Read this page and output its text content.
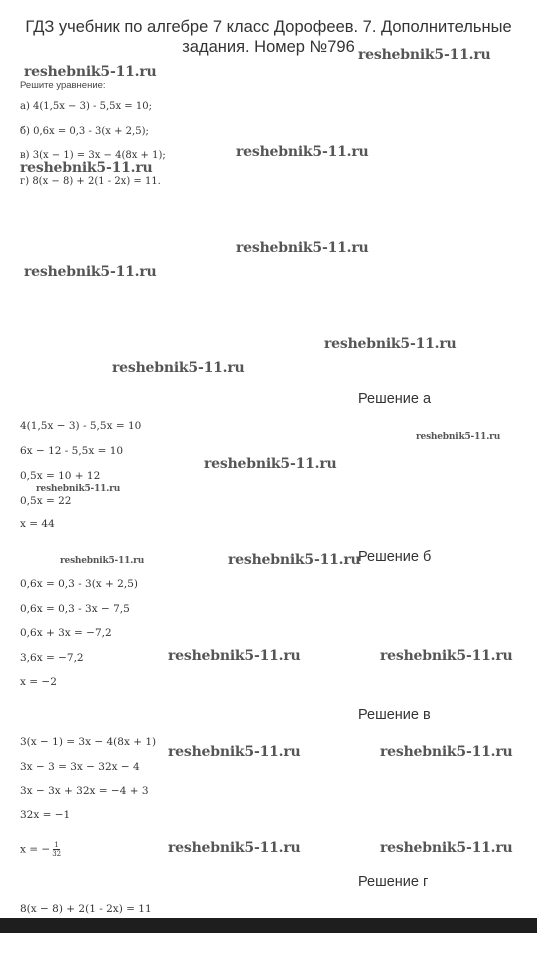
ГДЗ учебник по алгебре 7 класс Дорофеев. 7. Дополнительные задания. Номер №796
Решите уравнение:
а) 4(1,5x − 3) - 5,5x = 10;
б) 0,6x = 0,3 - 3(x + 2,5);
в) 3(x − 1) = 3x − 4(8x + 1);
г) 8(x − 8) + 2(1 - 2x) = 11.
Решение а
4(1,5x − 3) - 5,5x = 10
6x − 12 - 5,5x = 10
0,5x = 10 + 12
0,5x = 22
x = 44
Решение б
0,6x = 0,3 - 3(x + 2,5)
0,6x = 0,3 - 3x − 7,5
0,6x + 3x = −7,2
3,6x = −7,2
x = −2
Решение в
3(x − 1) = 3x − 4(8x + 1)
3x − 3 = 3x − 32x − 4
3x − 3x + 32x = −4 + 3
32x = −1
x = − $\frac{1}{32}$
Решение г
8(x − 8) + 2(1 - 2x) = 11
reshebnik5-11.ru
reshebnik5-11.ru
reshebnik5-11.ru
reshebnik5-11.ru
reshebnik5-11.ru
reshebnik5-11.ru
reshebnik5-11.ru
reshebnik5-11.ru
reshebnik5-11.ru
reshebnik5-11.ru
reshebnik5-11.ru
reshebnik5-11.ru	reshebnik5-11.ru
reshebnik5-11.ru	reshebnik5-11.ru
reshebnik5-11.ru	reshebnik5-11.ru
reshebnik5-11.ru	reshebnik5-11.ru
